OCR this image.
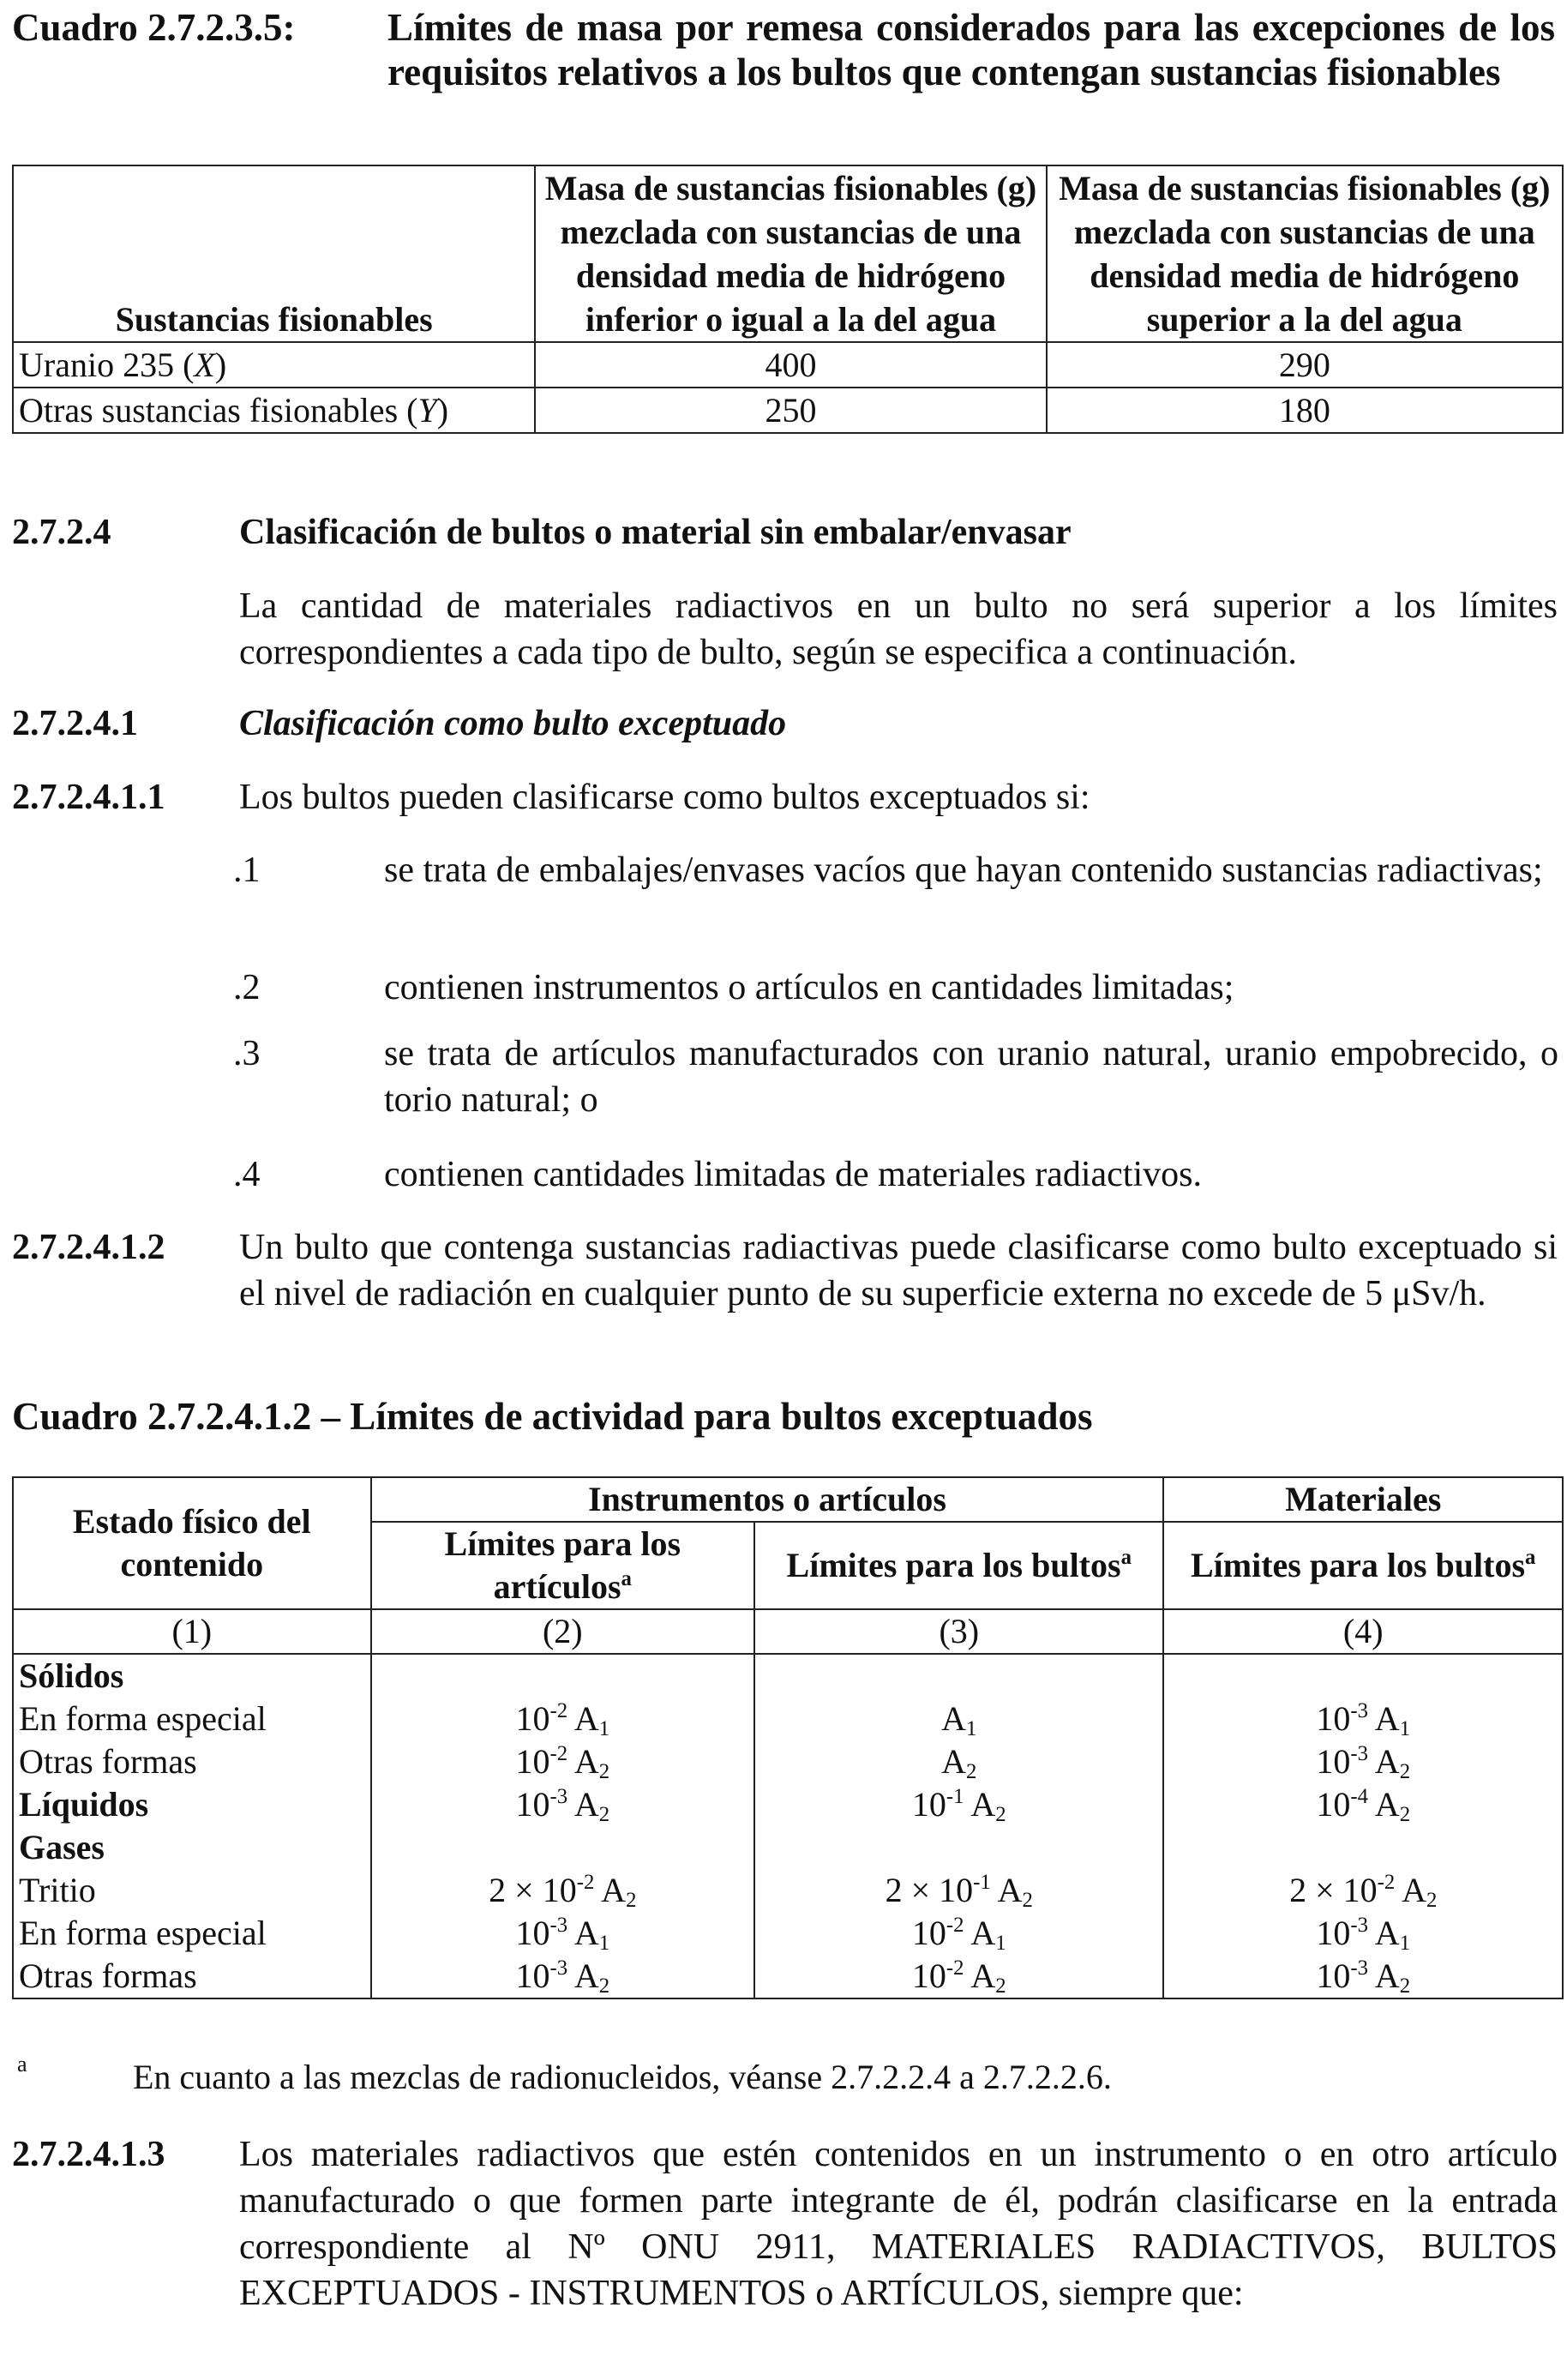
Cuadro 2.7.2.3.5: Límites de masa por remesa considerados para las excepciones de los requisitos relativos a los bultos que contengan sustancias fisionables
Sustancias fisionables	Masa de sustancias fisionables (g) mezclada con sustancias de una densidad media de hidrógeno inferior o igual a la del agua	Masa de sustancias fisionables (g) mezclada con sustancias de una densidad media de hidrógeno superior a la del agua
Uranio 235 (X)	400	290
Otras sustancias fisionables (Y)	250	180
2.7.2.4	Clasificación de bultos o material sin embalar/envasar
La cantidad de materiales radiactivos en un bulto no será superior a los límites correspondientes a cada tipo de bulto, según se especifica a continuación.
2.7.2.4.1	Clasificación como bulto exceptuado
2.7.2.4.1.1 Los bultos pueden clasificarse como bultos exceptuados si:
.1	se trata de embalajes/envases vacíos que hayan contenido sustancias radiactivas;
.2	contienen instrumentos o artículos en cantidades limitadas;
.3	se trata de artículos manufacturados con uranio natural, uranio empobrecido, o torio natural; o
.4	contienen cantidades limitadas de materiales radiactivos.
2.7.2.4.1.2 Un bulto que contenga sustancias radiactivas puede clasificarse como bulto exceptuado si el nivel de radiación en cualquier punto de su superficie externa no excede de 5 μSv/h.
Cuadro 2.7.2.4.1.2 – Límites de actividad para bultos exceptuados
Estado físico del contenido	Instrumentos o artículos		Materiales
	Límites para los artículos$^a$	Límites para los bultos$^a$	Límites para los bultos$^a$
(1)	(2)	(3)	(4)
Sólidos			
En forma especial	$10^{-2}$ $A_1$	$A_1$	$10^{-3}$ $A_1$
Otras formas	$10^{-2}$ $A_2$	$A_2$	$10^{-3}$ $A_2$
Líquidos	$10^{-3}$ $A_2$	$10^{-1}$ $A_2$	$10^{-4}$ $A_2$
Gases			
Tritio	$2 \times 10^{-2}$ $A_2$	$2 \times 10^{-1}$ $A_2$	$2 \times 10^{-2}$ $A_2$
En forma especial	$10^{-3}$ $A_1$	$10^{-2}$ $A_1$	$10^{-3}$ $A_1$
Otras formas	$10^{-3}$ $A_2$	$10^{-2}$ $A_2$	$10^{-3}$ $A_2$
a	En cuanto a las mezclas de radionucleidos, véanse 2.7.2.2.4 a 2.7.2.2.6.
2.7.2.4.1.3 Los materiales radiactivos que estén contenidos en un instrumento o en otro artículo manufacturado o que formen parte integrante de él, podrán clasificarse en la entrada correspondiente al Nº ONU 2911, MATERIALES RADIACTIVOS, BULTOS EXCEPTUADOS - INSTRUMENTOS o ARTÍCULOS, siempre que:
